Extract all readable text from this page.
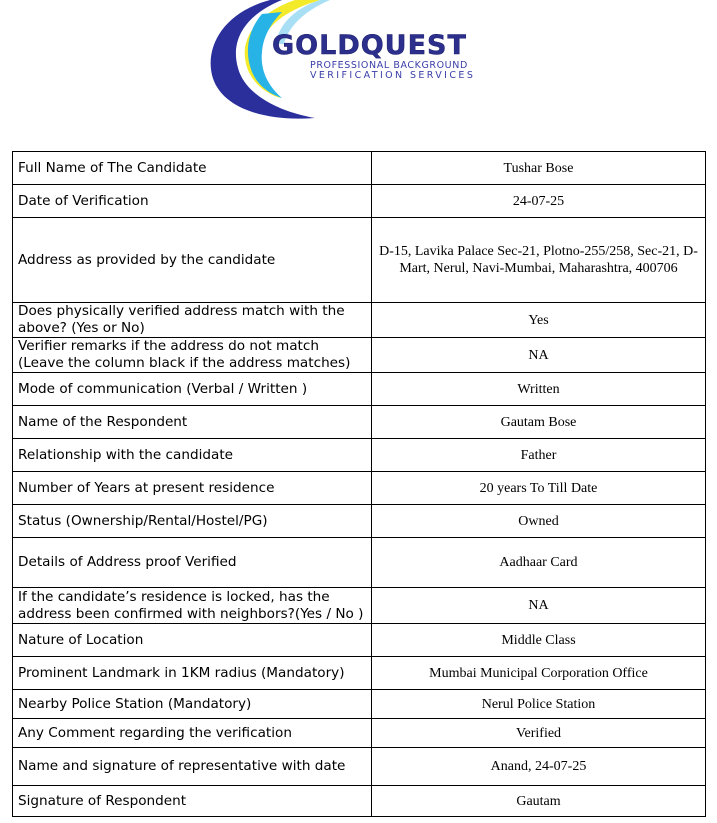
GOLDQUEST
PROFESSIONAL BACKGROUND
VERIFICATION SERVICES
Full Name of The Candidate	Tushar Bose
Date of Verification	24-07-25
Address as provided by the candidate	D-15, Lavika Palace Sec-21, Plotno-255/258, Sec-21, D-Mart, Nerul, Navi-Mumbai, Maharashtra, 400706
Does physically verified address match with the above? (Yes or No)	Yes
Verifier remarks if the address do not match (Leave the column black if the address matches)	NA
Mode of communication (Verbal / Written )	Written
Name of the Respondent	Gautam Bose
Relationship with the candidate	Father
Number of Years at present residence	20 years To Till Date
Status (Ownership/Rental/Hostel/PG)	Owned
Details of Address proof Verified	Aadhaar Card
If the candidate’s residence is locked, has the address been confirmed with neighbors?(Yes / No )	NA
Nature of Location	Middle Class
Prominent Landmark in 1KM radius (Mandatory)	Mumbai Municipal Corporation Office
Nearby Police Station (Mandatory)	Nerul Police Station
Any Comment regarding the verification	Verified
Name and signature of representative with date	Anand, 24-07-25
Signature of Respondent	Gautam
